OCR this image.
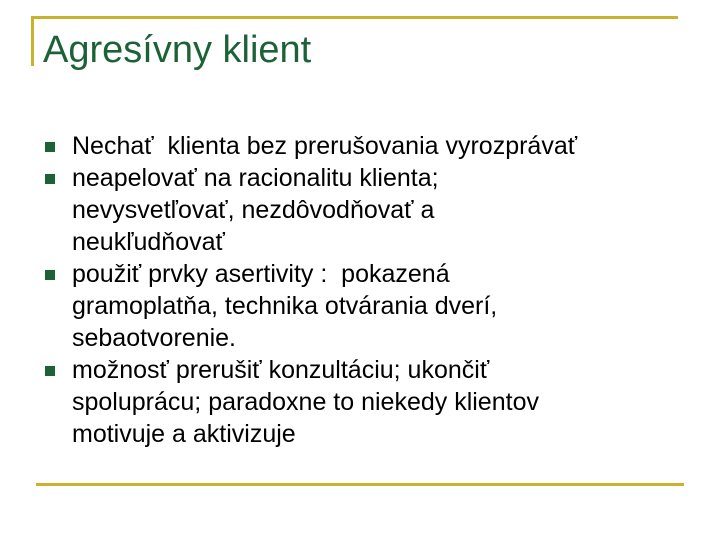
Agresívny klient
Nechať  klienta bez prerušovania vyrozprávať
neapelovať na racionalitu klienta;
nevysvetľovať, nezdôvodňovať a
neukľudňovať
použiť prvky asertivity :  pokazená
gramoplatňa, technika otvárania dverí,
sebaotvorenie.
možnosť prerušiť konzultáciu; ukončiť
spoluprácu; paradoxne to niekedy klientov
motivuje a aktivizuje
